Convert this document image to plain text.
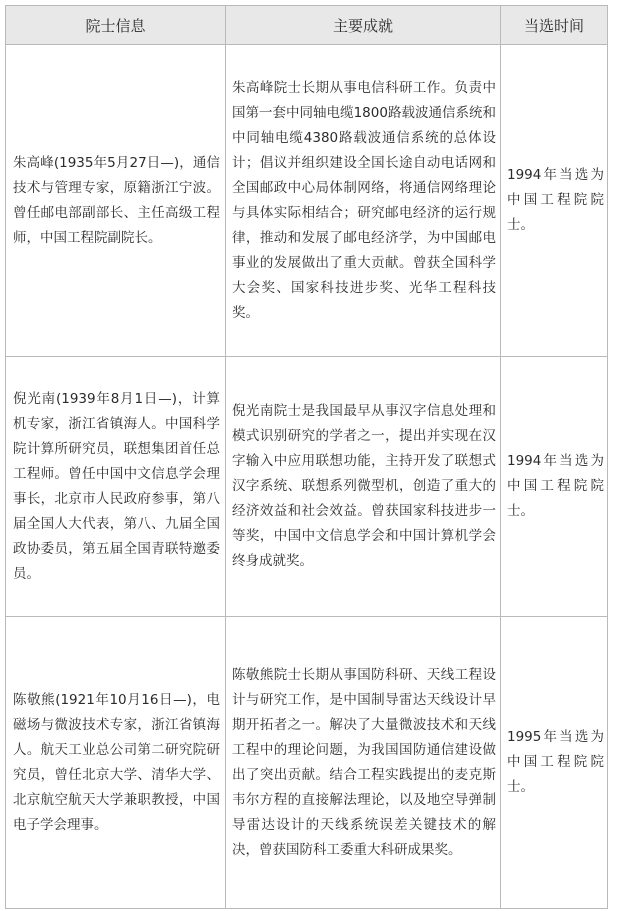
院士信息	主要成就	当选时间
朱高峰(1935年5月27日—)，通信技术与管理专家，原籍浙江宁波。曾任邮电部副部长、主任高级工程师，中国工程院副院长。	朱高峰院士长期从事电信科研工作。负责中国第一套中同轴电缆1800路载波通信系统和中同轴电缆4380路载波通信系统的总体设计；倡议并组织建设全国长途自动电话网和全国邮政中心局体制网络，将通信网络理论与具体实际相结合；研究邮电经济的运行规律，推动和发展了邮电经济学，为中国邮电事业的发展做出了重大贡献。曾获全国科学大会奖、国家科技进步奖、光华工程科技奖。	1994年当选为中国工程院院士。
倪光南(1939年8月1日—)，计算机专家，浙江省镇海人。中国科学院计算所研究员，联想集团首任总工程师。曾任中国中文信息学会理事长，北京市人民政府参事，第八届全国人大代表，第八、九届全国政协委员，第五届全国青联特邀委员。	倪光南院士是我国最早从事汉字信息处理和模式识别研究的学者之一，提出并实现在汉字输入中应用联想功能，主持开发了联想式汉字系统、联想系列微型机，创造了重大的经济效益和社会效益。曾获国家科技进步一等奖，中国中文信息学会和中国计算机学会终身成就奖。	1994年当选为中国工程院院士。
陈敬熊(1921年10月16日—)，电磁场与微波技术专家，浙江省镇海人。航天工业总公司第二研究院研究员，曾任北京大学、清华大学、北京航空航天大学兼职教授，中国电子学会理事。	陈敬熊院士长期从事国防科研、天线工程设计与研究工作，是中国制导雷达天线设计早期开拓者之一。解决了大量微波技术和天线工程中的理论问题，为我国国防通信建设做出了突出贡献。结合工程实践提出的麦克斯韦尔方程的直接解法理论，以及地空导弹制导雷达设计的天线系统误差关键技术的解决，曾获国防科工委重大科研成果奖。	1995年当选为中国工程院院士。
